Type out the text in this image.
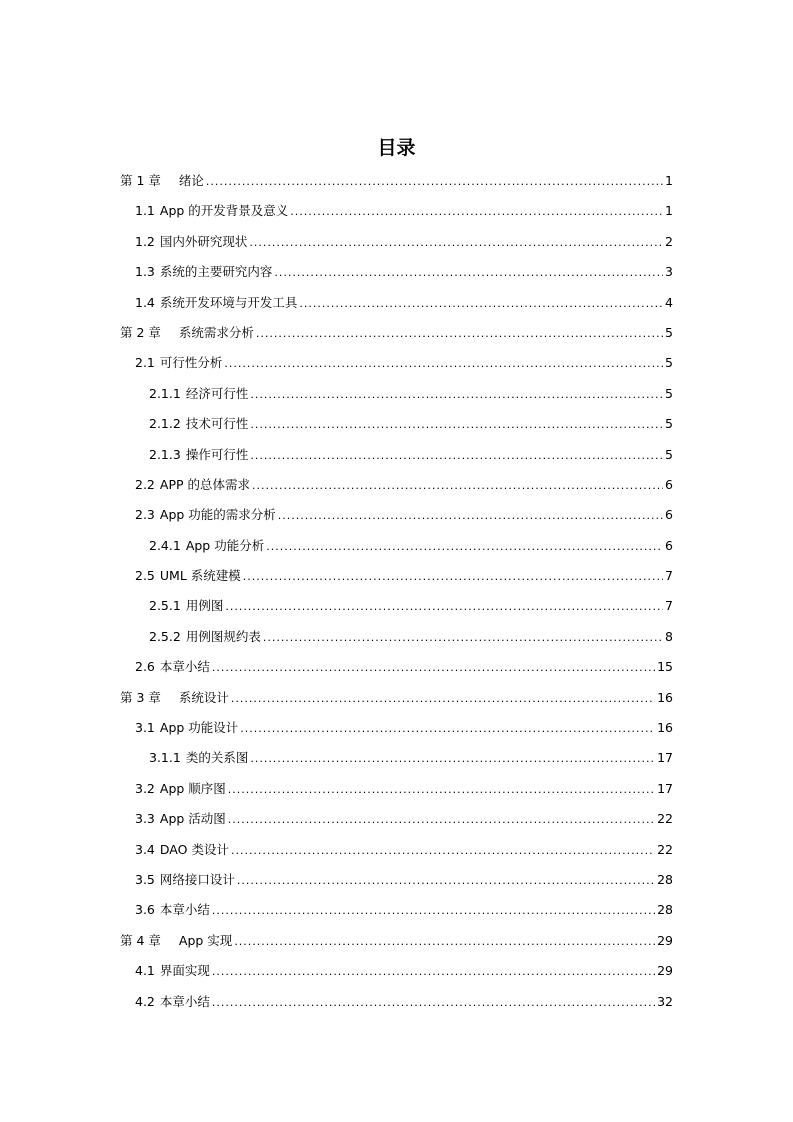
目录
第 1 章 绪论 .....	1
1.1 App 的开发背景及意义 .....	1
1.2 国内外研究现状 .....	2
1.3 系统的主要研究内容 .....	3
1.4 系统开发环境与开发工具 .....	4
第 2 章 系统需求分析 .....	5
2.1 可行性分析 .....	5
2.1.1 经济可行性 .....	5
2.1.2 技术可行性 .....	5
2.1.3 操作可行性 .....	5
2.2 APP 的总体需求 .....	6
2.3 App 功能的需求分析 .....	6
2.4.1 App 功能分析 .....	6
2.5 UML 系统建模 .....	7
2.5.1 用例图 .....	7
2.5.2 用例图规约表 .....	8
2.6 本章小结 .....	15
第 3 章 系统设计 .....	16
3.1 App 功能设计 .....	16
3.1.1 类的关系图 .....	17
3.2 App 顺序图 .....	17
3.3 App 活动图 .....	22
3.4 DAO 类设计 .....	22
3.5 网络接口设计 .....	28
3.6 本章小结 .....	28
第 4 章 App 实现 .....	29
4.1 界面实现 .....	29
4.2 本章小结 .....	32
